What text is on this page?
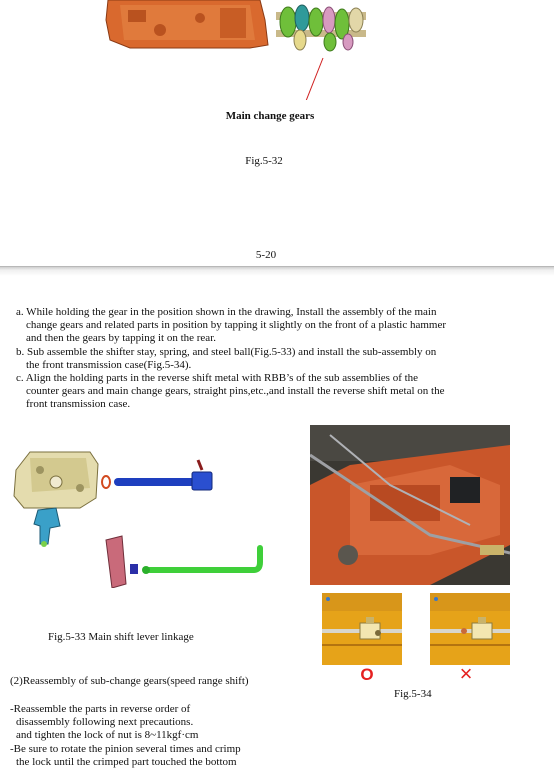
Main change gears
Fig.5-32
5-20
a. While holding the gear in the position shown in the drawing, Install the assembly of the main
change gears and related parts in position by tapping it slightly on the front of a plastic hammer
and then the gears by tapping it on the rear.
b. Sub assemble the shifter stay, spring, and steel ball(Fig.5-33) and install the sub-assembly on
the front transmission case(Fig.5-34).
c. Align the holding parts in the reverse shift metal with RBB’s of the sub assemblies of the
counter gears and main change gears, straight pins,etc.,and install the reverse shift metal on the
front transmission case.
Fig.5-33 Main shift lever linkage
O	×
Fig.5-34
(2)Reassembly of sub-change gears(speed range shift)
-Reassemble the parts in reverse order of
disassembly following next precautions.
and tighten the lock of nut is 8~11kgf·cm
-Be sure to rotate the pinion several times and crimp
the lock until the crimped part touched the bottom
